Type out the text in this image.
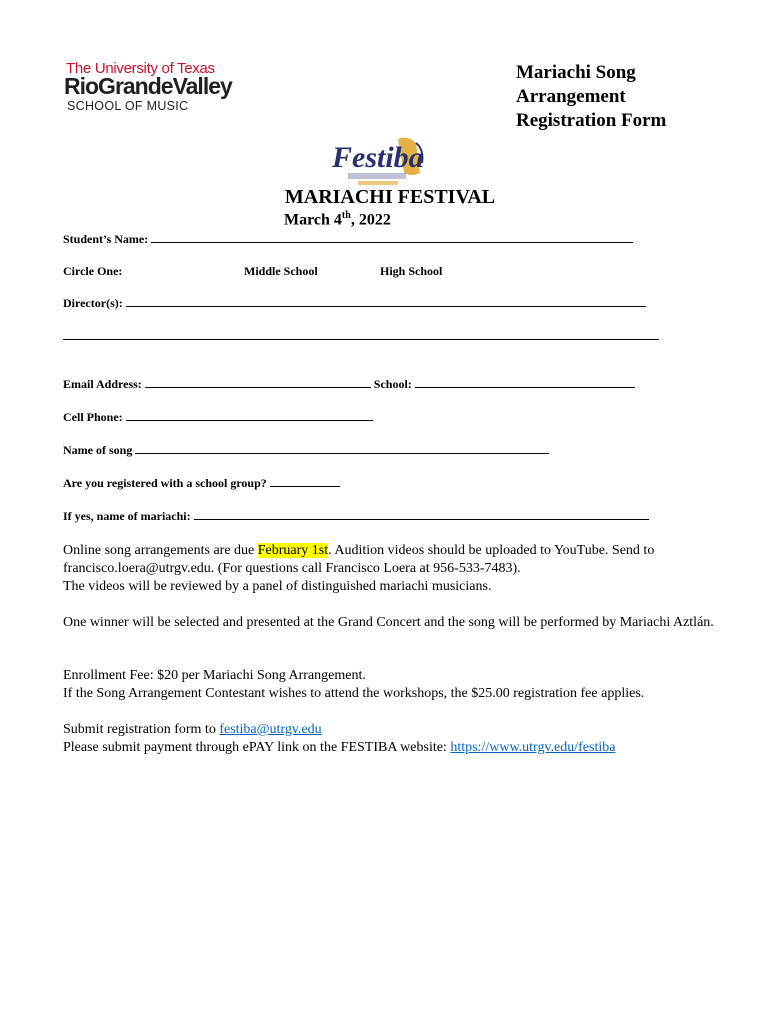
The University of Texas
RioGrandeValley
SCHOOL OF MUSIC
Mariachi Song
Arrangement
Registration Form
Festiba
MARIACHI FESTIVAL
March 4th, 2022
Student’s Name:
Circle One:	Middle School	High School
Director(s):
Email Address:	School:
Cell Phone:
Name of song
Are you registered with a school group?
If yes, name of mariachi:
Online song arrangements are due February 1st. Audition videos should be uploaded to YouTube. Send to francisco.loera@utrgv.edu. (For questions call Francisco Loera at 956-533-7483).
The videos will be reviewed by a panel of distinguished mariachi musicians.
One winner will be selected and presented at the Grand Concert and the song will be performed by Mariachi Aztlán.
Enrollment Fee: $20 per Mariachi Song Arrangement.
If the Song Arrangement Contestant wishes to attend the workshops, the $25.00 registration fee applies.
Submit registration form to festiba@utrgv.edu
Please submit payment through ePAY link on the FESTIBA website: https://www.utrgv.edu/festiba
